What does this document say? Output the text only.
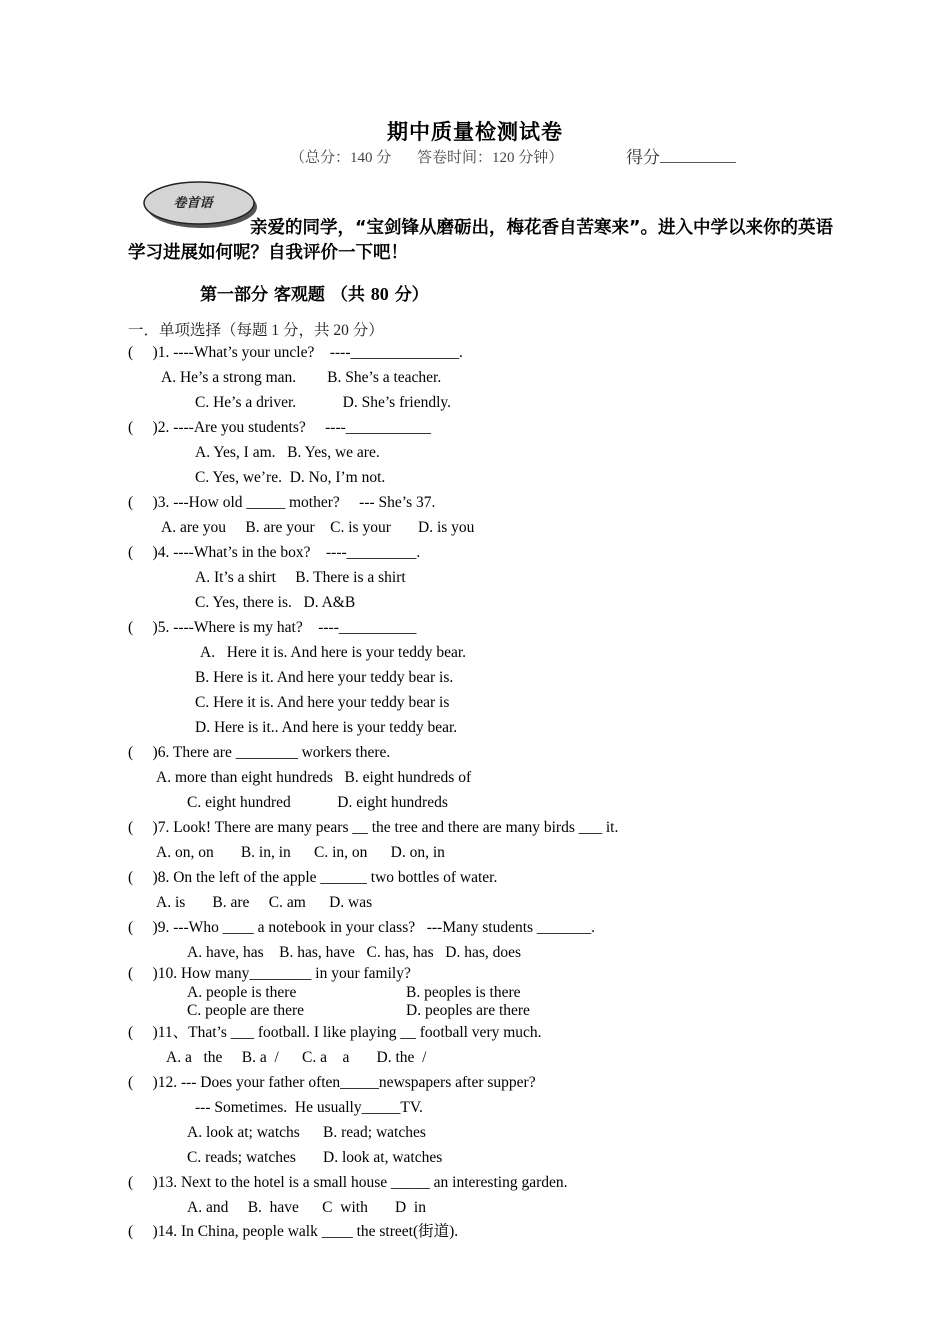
期中质量检测试卷
（总分：140 分 答卷时间：120 分钟）	得分
卷首语
亲爱的同学，“宝剑锋从磨砺出，梅花香自苦寒来”。进入中学以来你的英语学习进展如何呢？自我评价一下吧！
第一部分 客观题 （共 80 分）
一．单项选择（每题 1 分，共 20 分）
(     )1. ----What’s your uncle?    ----______________.
A. He’s a strong man.        B. She’s a teacher.
C. He’s a driver.            D. She’s friendly.
(     )2. ----Are you students?     ----___________
A. Yes, I am.   B. Yes, we are.
C. Yes, we’re.  D. No, I’m not.
(     )3. ---How old _____ mother?     --- She’s 37.
A. are you     B. are your    C. is your       D. is you
(     )4. ----What’s in the box?    ----_________.
A. It’s a shirt     B. There is a shirt
C. Yes, there is.   D. A&B
(     )5. ----Where is my hat?    ----__________
A.   Here it is. And here is your teddy bear.
B. Here is it. And here your teddy bear is.
C. Here it is. And here your teddy bear is
D. Here is it.. And here is your teddy bear.
(     )6. There are ________ workers there.
A. more than eight hundreds   B. eight hundreds of
C. eight hundred            D. eight hundreds
(     )7. Look! There are many pears __ the tree and there are many birds ___ it.
A. on, on       B. in, in      C. in, on      D. on, in
(     )8. On the left of the apple ______ two bottles of water.
A. is       B. are     C. am      D. was
(     )9. ---Who ____ a notebook in your class?   ---Many students _______.
A. have, has    B. has, have   C. has, has   D. has, does
(     )10. How many________ in your family?
A. people is there	B. peoples is there
C. people are there	D. peoples are there
(     )11、That’s ___ football. I like playing __ football very much.
A. a   the     B. a  /      C. a    a       D. the  /
(     )12. --- Does your father often_____newspapers after supper?
--- Sometimes.  He usually_____TV.
A. look at; watchs      B. read; watches
C. reads; watches       D. look at, watches
(     )13. Next to the hotel is a small house _____ an interesting garden.
A. and     B.  have      C  with       D  in
(     )14. In China, people walk ____ the street(街道).
